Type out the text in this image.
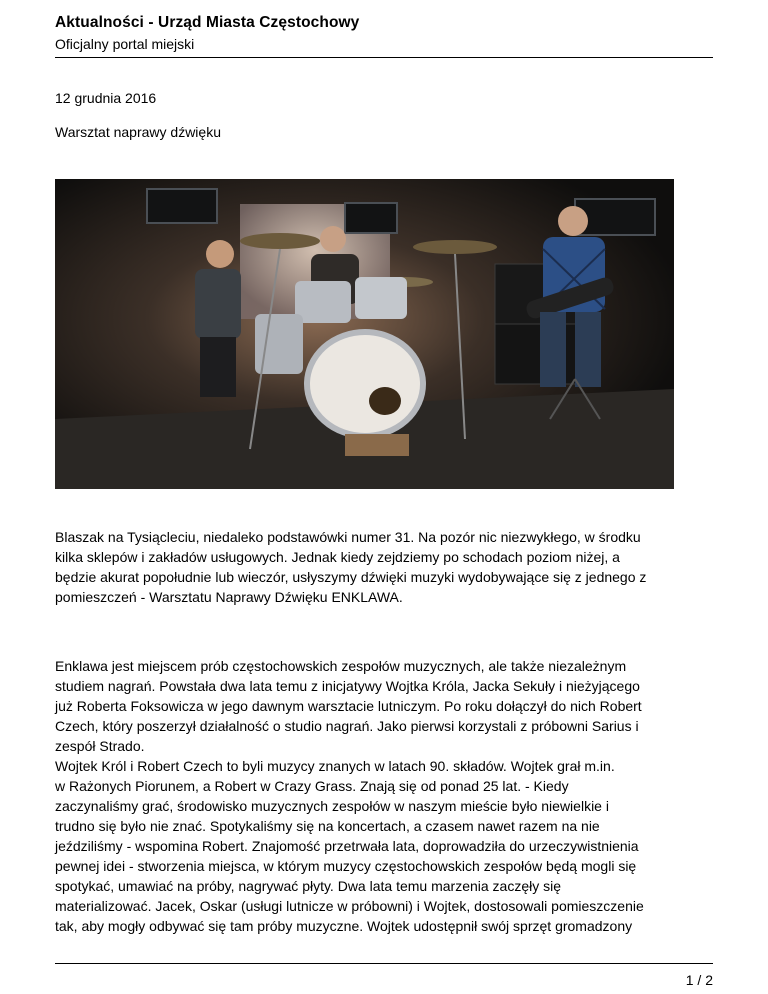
Aktualności - Urząd Miasta Częstochowy
Oficjalny portal miejski
12 grudnia 2016
Warsztat naprawy dźwięku
Blaszak na Tysiącleciu, niedaleko podstawówki numer 31. Na pozór nic niezwykłego, w środku
kilka sklepów i zakładów usługowych. Jednak kiedy zejdziemy po schodach poziom niżej, a
będzie akurat popołudnie lub wieczór, usłyszymy dźwięki muzyki wydobywające się z jednego z
pomieszczeń - Warsztatu Naprawy Dźwięku ENKLAWA.
Enklawa jest miejscem prób częstochowskich zespołów muzycznych, ale także niezależnym
studiem nagrań. Powstała dwa lata temu z inicjatywy Wojtka Króla, Jacka Sekuły i nieżyjącego
już Roberta Foksowicza w jego dawnym warsztacie lutniczym. Po roku dołączył do nich Robert
Czech, który poszerzył działalność o studio nagrań. Jako pierwsi korzystali z próbowni Sarius i
zespół Strado.
Wojtek Król i Robert Czech to byli muzycy znanych w latach 90. składów. Wojtek grał m.in.
w Rażonych Piorunem, a Robert w Crazy Grass. Znają się od ponad 25 lat. - Kiedy
zaczynaliśmy grać, środowisko muzycznych zespołów w naszym mieście było niewielkie i
trudno się było nie znać. Spotykaliśmy się na koncertach, a czasem nawet razem na nie
jeździliśmy - wspomina Robert. Znajomość przetrwała lata, doprowadziła do urzeczywistnienia
pewnej idei - stworzenia miejsca, w którym muzycy częstochowskich zespołów będą mogli się
spotykać, umawiać na próby, nagrywać płyty. Dwa lata temu marzenia zaczęły się
materializować. Jacek, Oskar (usługi lutnicze w próbowni) i Wojtek, dostosowali pomieszczenie
tak, aby mogły odbywać się tam próby muzyczne. Wojtek udostępnił swój sprzęt gromadzony
1 / 2
